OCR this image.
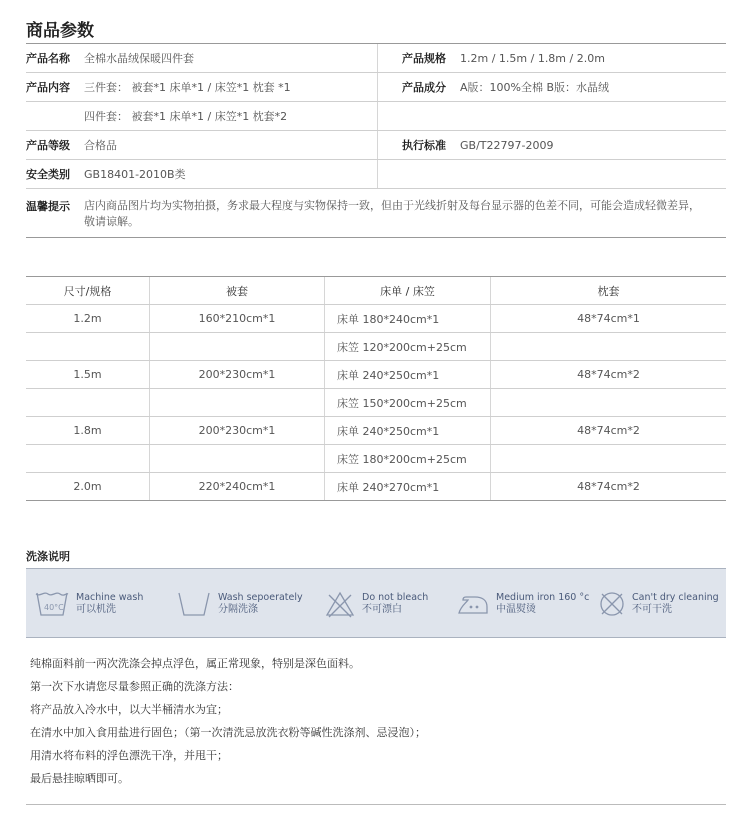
商品参数
产品名称	全棉水晶绒保暖四件套	产品规格	1.2m / 1.5m / 1.8m / 2.0m
产品内容	三件套： 被套*1 床单*1 / 床笠*1 枕套 *1	产品成分	A版：100%全棉 B版：水晶绒
四件套： 被套*1 床单*1 / 床笠*1 枕套*2
产品等级	合格品	执行标准	GB/T22797-2009
安全类别	GB18401-2010B类
温馨提示	店内商品图片均为实物拍摄，务求最大程度与实物保持一致，但由于光线折射及每台显示器的色差不同，可能会造成轻微差异，敬请谅解。
尺寸/规格	被套	床单 / 床笠	枕套
1.2m	160*210cm*1	床单 180*240cm*1	48*74cm*1
		床笠 120*200cm+25cm	
1.5m	200*230cm*1	床单 240*250cm*1	48*74cm*2
		床笠 150*200cm+25cm	
1.8m	200*230cm*1	床单 240*250cm*1	48*74cm*2
		床笠 180*200cm+25cm	
2.0m	220*240cm*1	床单 240*270cm*1	48*74cm*2
洗涤说明
40°C
Machine wash
可以机洗
Wash sepoerately
分隔洗涤
Do not bleach
不可漂白
Medium iron 160 °c
中温熨烫
Can't dry cleaning
不可干洗
纯棉面料前一两次洗涤会掉点浮色，属正常现象，特别是深色面料。
第一次下水请您尽量参照正确的洗涤方法：
将产品放入冷水中，以大半桶清水为宜；
在清水中加入食用盐进行固色；（第一次清洗忌放洗衣粉等碱性洗涤剂、忌浸泡）；
用清水将布料的浮色漂洗干净，并甩干；
最后悬挂晾晒即可。
